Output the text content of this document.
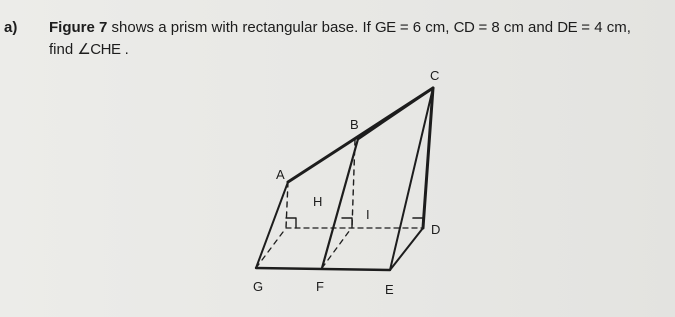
a) Figure 7 shows a prism with rectangular base. If GE = 6 cm, CD = 8 cm and DE = 4 cm,
find ∠CHE .
C
B
A
H
I
D
G	F	E
